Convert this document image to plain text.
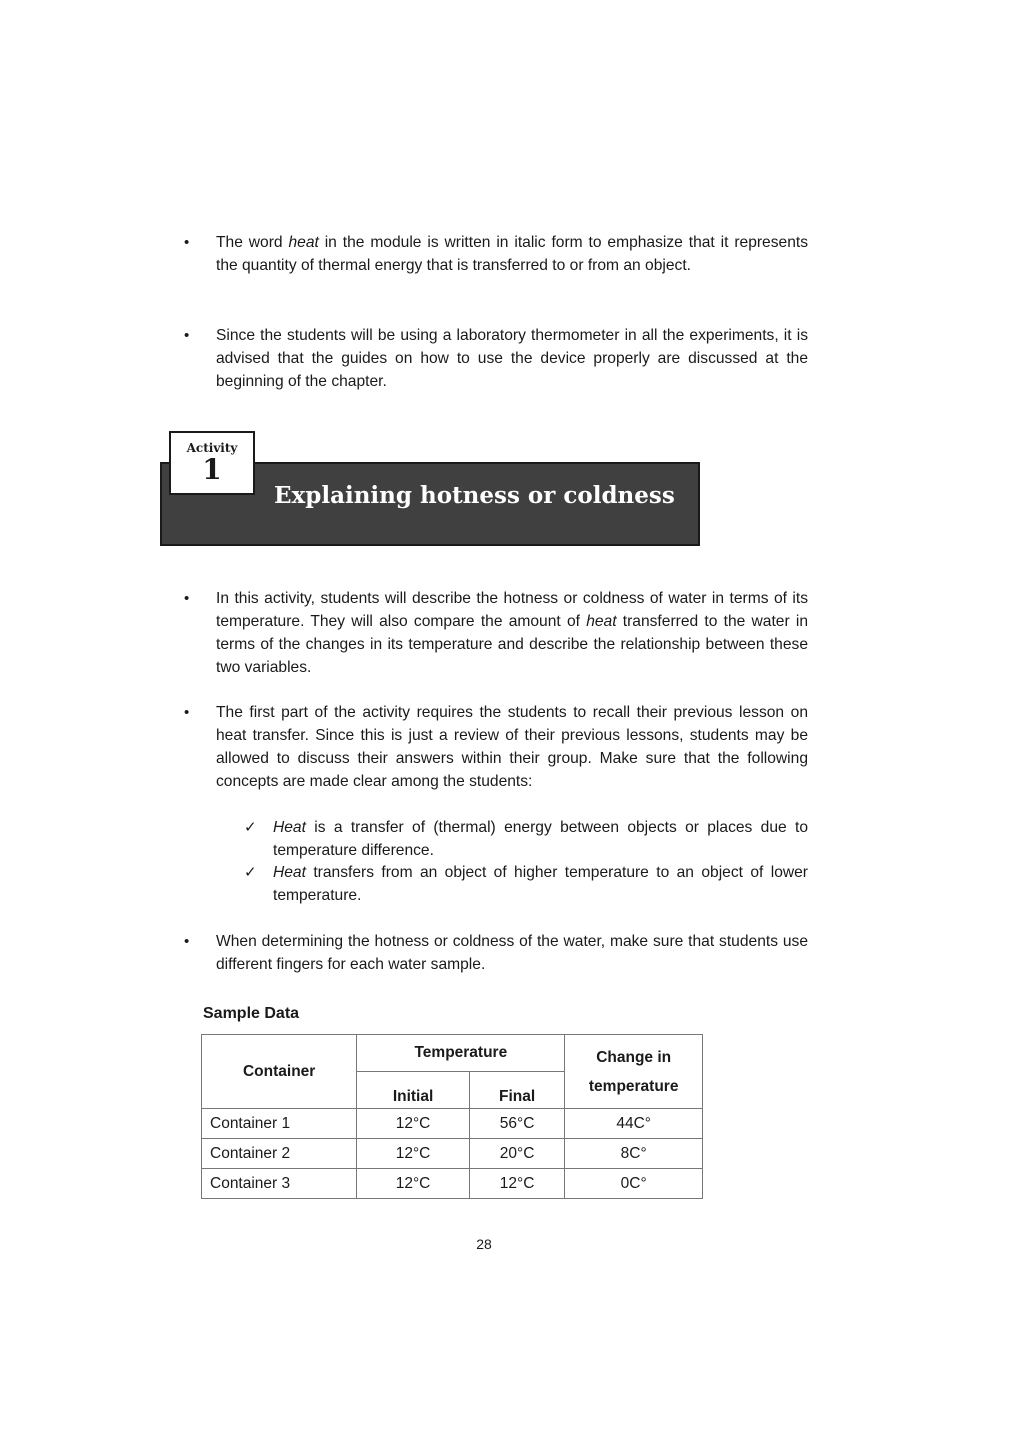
• The word heat in the module is written in italic form to emphasize that it represents the quantity of thermal energy that is transferred to or from an object.

• Since the students will be using a laboratory thermometer in all the experiments, it is advised that the guides on how to use the device properly are discussed at the beginning of the chapter.

Explaining hotness or coldness
Activity
1
• In this activity, students will describe the hotness or coldness of water in terms of its temperature. They will also compare the amount of heat transferred to the water in terms of the changes in its temperature and describe the relationship between these two variables.

• The first part of the activity requires the students to recall their previous lesson on heat transfer. Since this is just a review of their previous lessons, students may be allowed to discuss their answers within their group. Make sure that the following concepts are made clear among the students:

✓ Heat is a transfer of (thermal) energy between objects or places due to temperature difference.

✓ Heat transfers from an object of higher temperature to an object of lower temperature.

• When determining the hotness or coldness of the water, make sure that students use different fingers for each water sample.

Sample Data
Container	Temperature		Change in
temperature
	Initial	Final	
Container 1	12°C	56°C	44C°
Container 2	12°C	20°C	8C°
Container 3	12°C	12°C	0C°
28
